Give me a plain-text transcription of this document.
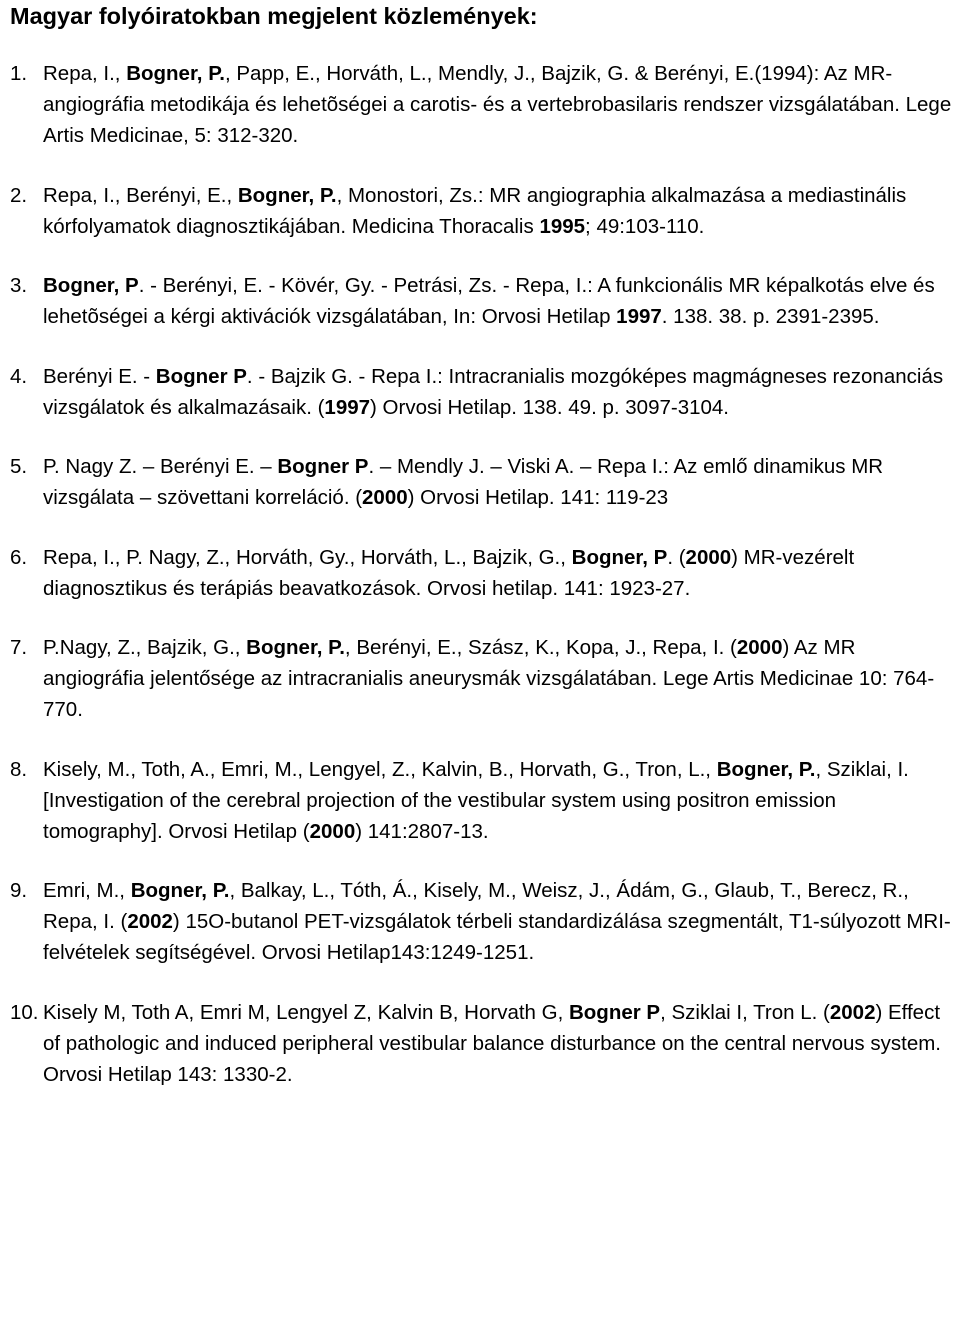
Magyar folyóiratokban megjelent közlemények:
1. Repa, I., Bogner, P., Papp, E., Horváth, L., Mendly, J., Bajzik, G. & Berényi, E.(1994): Az MR-angiográfia metodikája és lehetõségei a carotis- és a vertebrobasilaris rendszer vizsgálatában. Lege Artis Medicinae, 5: 312-320.
2. Repa, I., Berényi, E., Bogner, P., Monostori, Zs.: MR angiographia alkalmazása a mediastinális kórfolyamatok diagnosztikájában. Medicina Thoracalis 1995; 49:103-110.
3. Bogner, P. - Berényi, E. - Kövér, Gy. - Petrási, Zs. - Repa, I.: A funkcionális MR képalkotás elve és lehetõségei a kérgi aktivációk vizsgálatában, In: Orvosi Hetilap 1997. 138. 38. p. 2391-2395.
4. Berényi E. - Bogner P. - Bajzik G. - Repa I.: Intracranialis mozgóképes magmágneses rezonanciás vizsgálatok és alkalmazásaik. (1997) Orvosi Hetilap. 138. 49. p. 3097-3104.
5. P. Nagy Z. – Berényi E. – Bogner P. – Mendly J. – Viski A. – Repa I.: Az emlő dinamikus MR vizsgálata – szövettani korreláció. (2000) Orvosi Hetilap. 141: 119-23
6. Repa, I., P. Nagy, Z., Horváth, Gy., Horváth, L., Bajzik, G., Bogner, P. (2000) MR-vezérelt diagnosztikus és terápiás beavatkozások. Orvosi hetilap. 141: 1923-27.
7. P.Nagy, Z., Bajzik, G., Bogner, P., Berényi, E., Szász, K., Kopa, J., Repa, I. (2000) Az MR angiográfia jelentősége az intracranialis aneurysmák vizsgálatában. Lege Artis Medicinae 10: 764-770.
8. Kisely, M., Toth, A., Emri, M., Lengyel, Z., Kalvin, B., Horvath, G., Tron, L., Bogner, P., Sziklai, I. [Investigation of the cerebral projection of the vestibular system using positron emission tomography]. Orvosi Hetilap (2000) 141:2807-13.
9. Emri, M., Bogner, P., Balkay, L., Tóth, Á., Kisely, M., Weisz, J., Ádám, G., Glaub, T., Berecz, R., Repa, I. (2002) 15O-butanol PET-vizsgálatok térbeli standardizálása szegmentált, T1-súlyozott MRI-felvételek segítségével. Orvosi Hetilap143:1249-1251.
10. Kisely M, Toth A, Emri M, Lengyel Z, Kalvin B, Horvath G, Bogner P, Sziklai I, Tron L. (2002) Effect of pathologic and induced peripheral vestibular balance disturbance on the central nervous system. Orvosi Hetilap 143: 1330-2.
